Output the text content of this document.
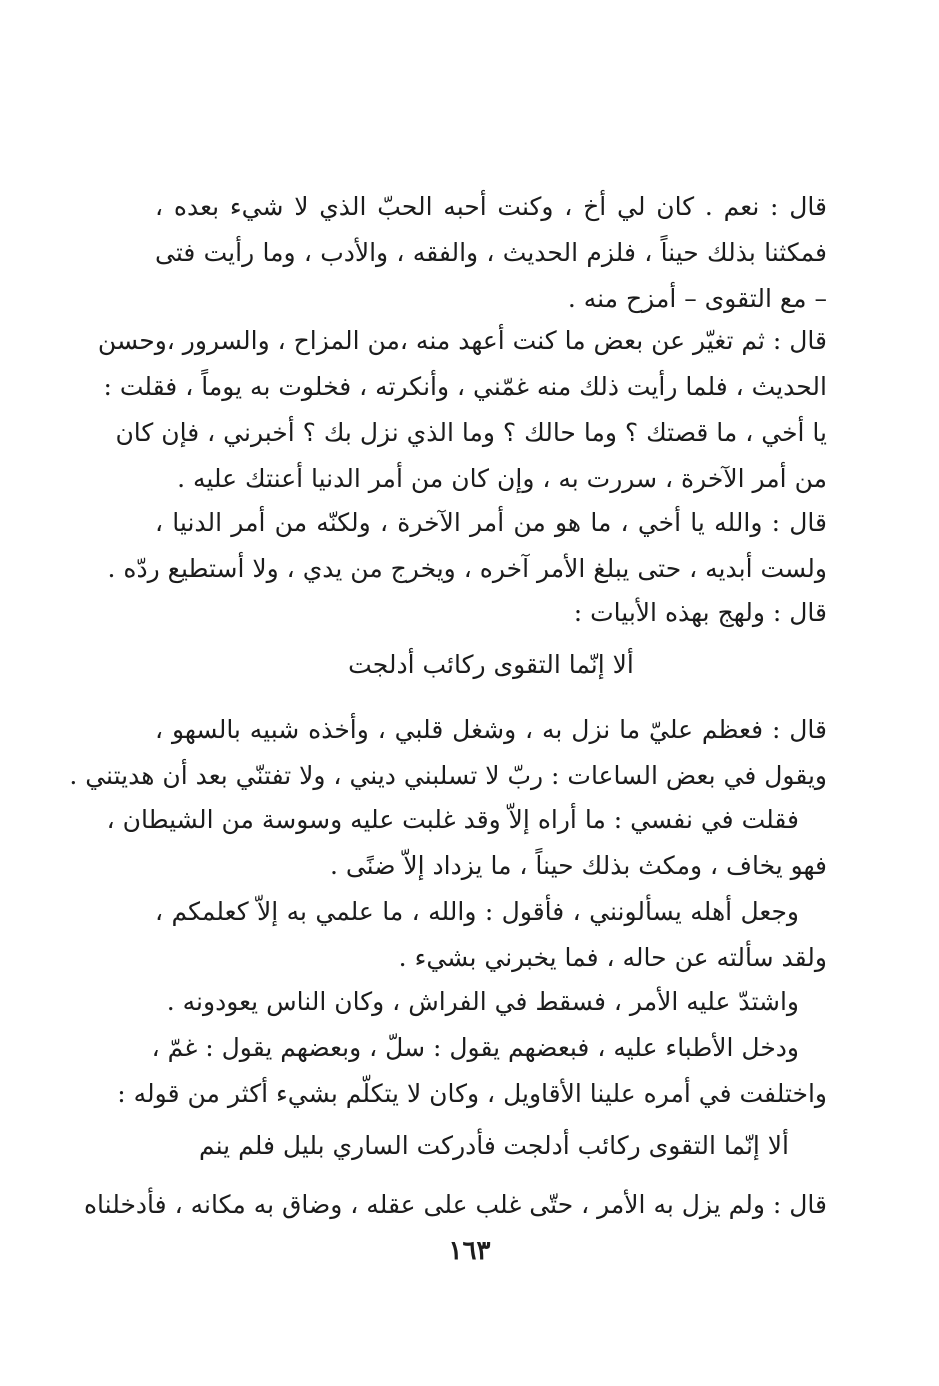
قال : نعم . كان لي أخ ، وكنت أحبه الحبّ الذي لا شيء بعده ،
فمكثنا بذلك حيناً ، فلزم الحديث ، والفقه ، والأدب ، وما رأيت فتى
– مع التقوى – أمزح منه .
قال : ثم تغيّر عن بعض ما كنت أعهد منه ،من المزاح ، والسرور ،وحسن
الحديث ، فلما رأيت ذلك منه غمّني ، وأنكرته ، فخلوت به يوماً ، فقلت :
يا أخي ، ما قصتك ؟ وما حالك ؟ وما الذي نزل بك ؟ أخبرني ، فإن كان
من أمر الآخرة ، سررت به ، وإن كان من أمر الدنيا أعنتك عليه .
قال : والله يا أخي ، ما هو من أمر الآخرة ، ولكنّه من أمر الدنيا ،
ولست أبديه ، حتى يبلغ الأمر آخره ، ويخرج من يدي ، ولا أستطيع ردّه .
قال : ولهج بهذه الأبيات :
ألا إنّما التقوى ركائب أدلجت
قال : فعظم عليّ ما نزل به ، وشغل قلبي ، وأخذه شبيه بالسهو ،
ويقول في بعض الساعات : ربّ لا تسلبني ديني ، ولا تفتنّي بعد أن هديتني .
فقلت في نفسي : ما أراه إلاّ وقد غلبت عليه وسوسة من الشيطان ،
فهو يخاف ، ومكث بذلك حيناً ، ما يزداد إلاّ ضنًى .
وجعل أهله يسألونني ، فأقول : والله ، ما علمي به إلاّ كعلمكم ،
ولقد سألته عن حاله ، فما يخبرني بشيء .
واشتدّ عليه الأمر ، فسقط في الفراش ، وكان الناس يعودونه .
ودخل الأطباء عليه ، فبعضهم يقول : سلّ ، وبعضهم يقول : غمّ ،
واختلفت في أمره علينا الأقاويل ، وكان لا يتكلّم بشيء أكثر من قوله :
ألا إنّما التقوى ركائب أدلجت
فأدركت الساري بليل فلم ينم
قال : ولم يزل به الأمر ، حتّى غلب على عقله ، وضاق به مكانه ، فأدخلناه
١٦٣
